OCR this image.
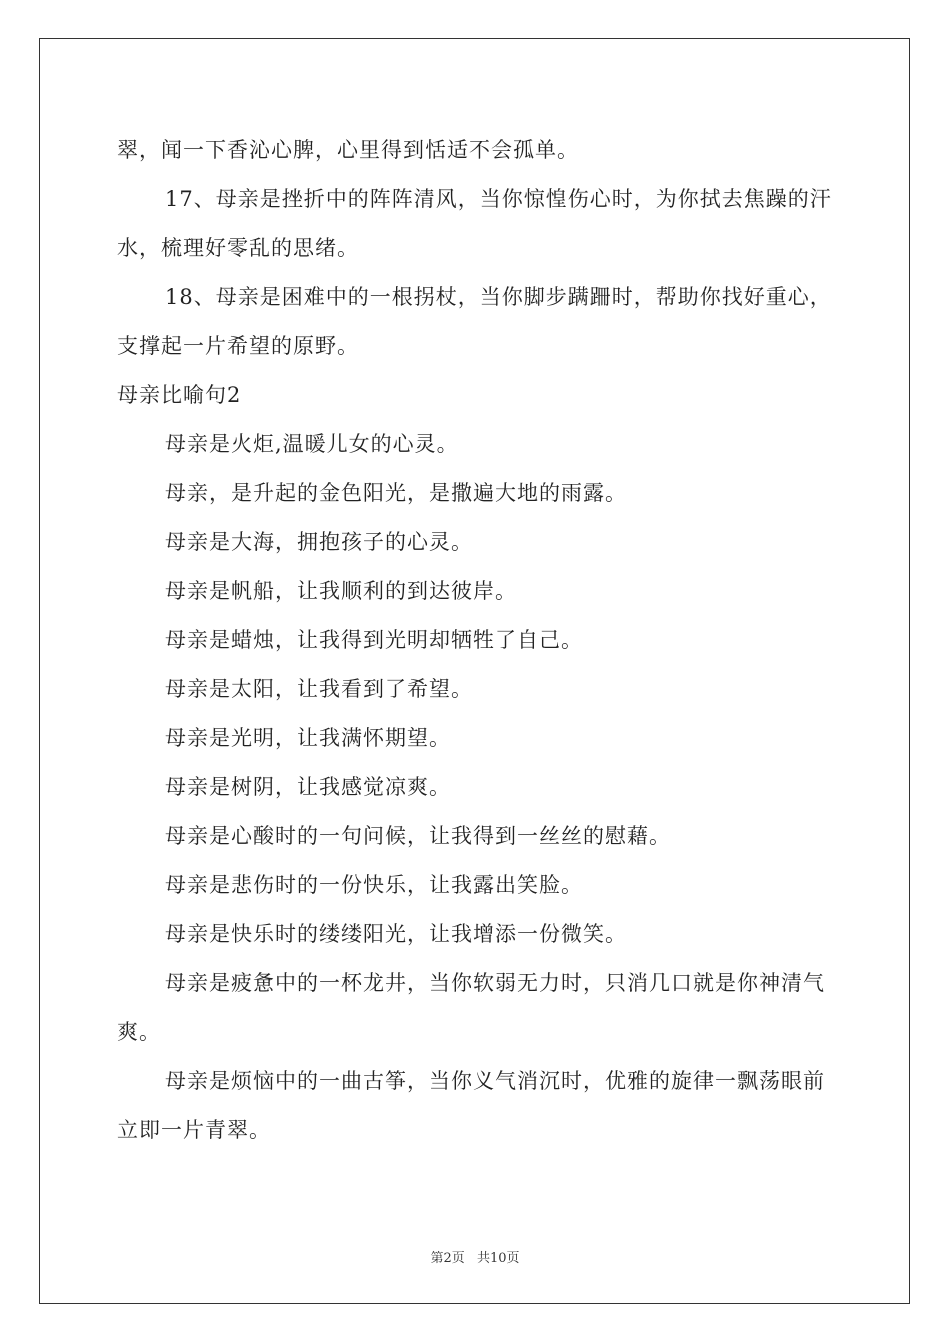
翠，闻一下香沁心脾，心里得到恬适不会孤单。

17、母亲是挫折中的阵阵清风，当你惊惶伤心时，为你拭去焦躁的汗水，梳理好零乱的思绪。

18、母亲是困难中的一根拐杖，当你脚步蹒跚时，帮助你找好重心，支撑起一片希望的原野。

母亲比喻句2

母亲是火炬,温暖儿女的心灵。

母亲，是升起的金色阳光，是撒遍大地的雨露。

母亲是大海，拥抱孩子的心灵。

母亲是帆船，让我顺利的到达彼岸。

母亲是蜡烛，让我得到光明却牺牲了自己。

母亲是太阳，让我看到了希望。

母亲是光明，让我满怀期望。

母亲是树阴，让我感觉凉爽。

母亲是心酸时的一句问候，让我得到一丝丝的慰藉。

母亲是悲伤时的一份快乐，让我露出笑脸。

母亲是快乐时的缕缕阳光，让我增添一份微笑。

母亲是疲惫中的一杯龙井，当你软弱无力时，只消几口就是你神清气爽。

母亲是烦恼中的一曲古筝，当你义气消沉时，优雅的旋律一飘荡眼前立即一片青翠。

第2页 共10页
